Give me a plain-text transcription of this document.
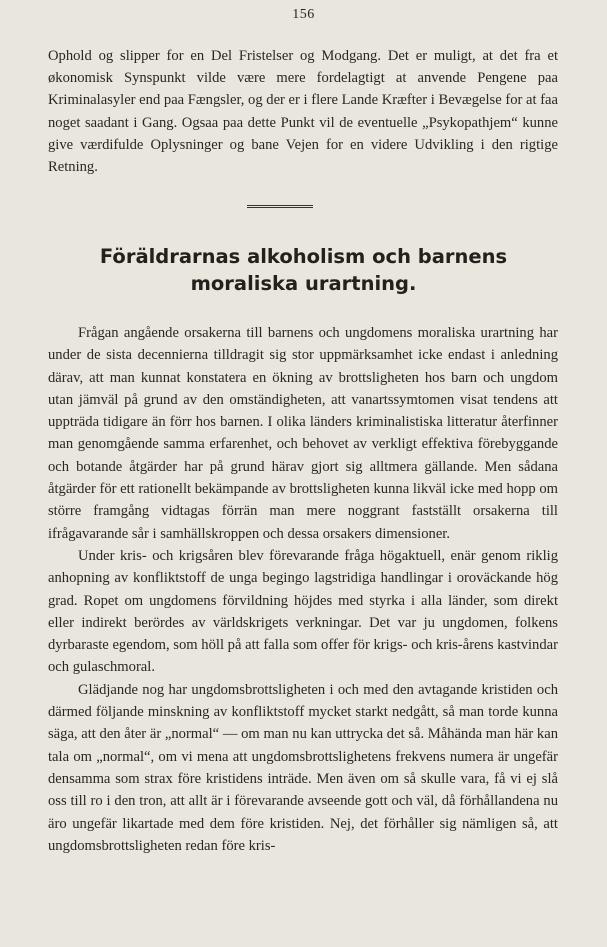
156

Ophold og slipper for en Del Fristelser og Modgang. Det er muligt, at det fra et økonomisk Synspunkt vilde være mere fordelagtigt at anvende Pengene paa Kriminalasyler end paa Fængsler, og der er i flere Lande Kræfter i Bevægelse for at faa noget saadant i Gang. Ogsaa paa dette Punkt vil de eventuelle „Psykopathjem“ kunne give værdifulde Oplysninger og bane Vejen for en videre Udvikling i den rigtige Retning.

Föräldrarnas alkoholism och barnens
moraliska urartning.

Frågan angående orsakerna till barnens och ungdomens moraliska urartning har under de sista decennierna tilldragit sig stor uppmärksamhet icke endast i anledning därav, att man kunnat konstatera en ökning av brottsligheten hos barn och ungdom utan jämväl på grund av den omständigheten, att vanartssymtomen visat tendens att uppträda tidigare än förr hos barnen. I olika länders kriminalistiska litteratur återfinner man genomgående samma erfarenhet, och behovet av verkligt effektiva förebyggande och botande åtgärder har på grund härav gjort sig alltmera gällande. Men sådana åtgärder för ett rationellt bekämpande av brottsligheten kunna likväl icke med hopp om större framgång vidtagas förrän man mere noggrant fastställt orsakerna till ifrågavarande sår i samhällskroppen och dessa orsakers dimensioner.

Under kris- och krigsåren blev förevarande fråga högaktuell, enär genom riklig anhopning av konfliktstoff de unga begingo lagstridiga handlingar i oroväckande hög grad. Ropet om ungdomens förvildning höjdes med styrka i alla länder, som direkt eller indirekt berördes av världskrigets verkningar. Det var ju ungdomen, folkens dyrbaraste egendom, som höll på att falla som offer för krigs- och kris-årens kastvindar och gulaschmoral.

Glädjande nog har ungdomsbrottsligheten i och med den avtagande kristiden och därmed följande minskning av konfliktstoff mycket starkt nedgått, så man torde kunna säga, att den åter är „normal“ — om man nu kan uttrycka det så. Måhända man här kan tala om „normal“, om vi mena att ungdomsbrottslighetens frekvens numera är ungefär densamma som strax före kristidens inträde. Men även om så skulle vara, få vi ej slå oss till ro i den tron, att allt är i förevarande avseende gott och väl, då förhållandena nu äro ungefär likartade med dem före kristiden. Nej, det förhåller sig nämligen så, att ungdomsbrottsligheten redan före kris-
